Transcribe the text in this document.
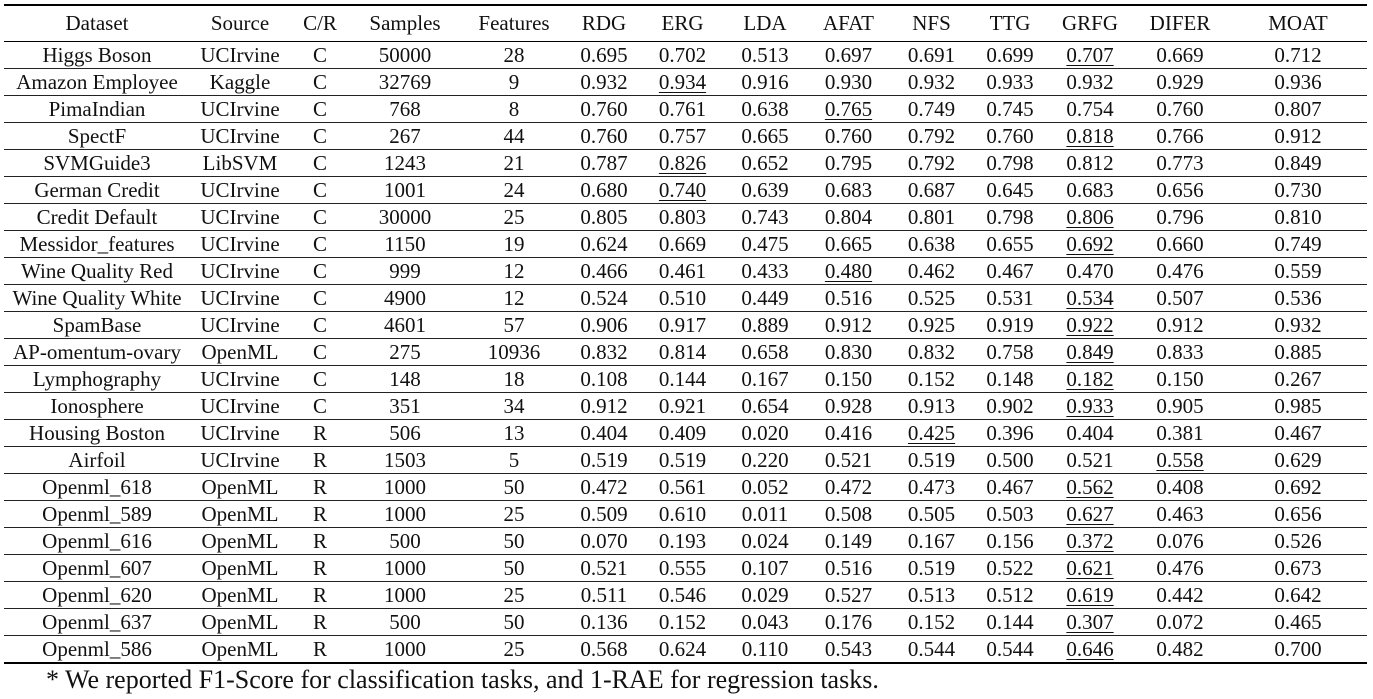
Dataset	Source	C/R	Samples	Features	RDG	ERG	LDA	AFAT	NFS	TTG	GRFG	DIFER	MOAT
Higgs Boson	UCIrvine	C	50000	28	0.695	0.702	0.513	0.697	0.691	0.699	0.707	0.669	0.712
Amazon Employee	Kaggle	C	32769	9	0.932	0.934	0.916	0.930	0.932	0.933	0.932	0.929	0.936
PimaIndian	UCIrvine	C	768	8	0.760	0.761	0.638	0.765	0.749	0.745	0.754	0.760	0.807
SpectF	UCIrvine	C	267	44	0.760	0.757	0.665	0.760	0.792	0.760	0.818	0.766	0.912
SVMGuide3	LibSVM	C	1243	21	0.787	0.826	0.652	0.795	0.792	0.798	0.812	0.773	0.849
German Credit	UCIrvine	C	1001	24	0.680	0.740	0.639	0.683	0.687	0.645	0.683	0.656	0.730
Credit Default	UCIrvine	C	30000	25	0.805	0.803	0.743	0.804	0.801	0.798	0.806	0.796	0.810
Messidor_features	UCIrvine	C	1150	19	0.624	0.669	0.475	0.665	0.638	0.655	0.692	0.660	0.749
Wine Quality Red	UCIrvine	C	999	12	0.466	0.461	0.433	0.480	0.462	0.467	0.470	0.476	0.559
Wine Quality White	UCIrvine	C	4900	12	0.524	0.510	0.449	0.516	0.525	0.531	0.534	0.507	0.536
SpamBase	UCIrvine	C	4601	57	0.906	0.917	0.889	0.912	0.925	0.919	0.922	0.912	0.932
AP-omentum-ovary	OpenML	C	275	10936	0.832	0.814	0.658	0.830	0.832	0.758	0.849	0.833	0.885
Lymphography	UCIrvine	C	148	18	0.108	0.144	0.167	0.150	0.152	0.148	0.182	0.150	0.267
Ionosphere	UCIrvine	C	351	34	0.912	0.921	0.654	0.928	0.913	0.902	0.933	0.905	0.985
Housing Boston	UCIrvine	R	506	13	0.404	0.409	0.020	0.416	0.425	0.396	0.404	0.381	0.467
Airfoil	UCIrvine	R	1503	5	0.519	0.519	0.220	0.521	0.519	0.500	0.521	0.558	0.629
Openml_618	OpenML	R	1000	50	0.472	0.561	0.052	0.472	0.473	0.467	0.562	0.408	0.692
Openml_589	OpenML	R	1000	25	0.509	0.610	0.011	0.508	0.505	0.503	0.627	0.463	0.656
Openml_616	OpenML	R	500	50	0.070	0.193	0.024	0.149	0.167	0.156	0.372	0.076	0.526
Openml_607	OpenML	R	1000	50	0.521	0.555	0.107	0.516	0.519	0.522	0.621	0.476	0.673
Openml_620	OpenML	R	1000	25	0.511	0.546	0.029	0.527	0.513	0.512	0.619	0.442	0.642
Openml_637	OpenML	R	500	50	0.136	0.152	0.043	0.176	0.152	0.144	0.307	0.072	0.465
Openml_586	OpenML	R	1000	25	0.568	0.624	0.110	0.543	0.544	0.544	0.646	0.482	0.700
* We reported F1-Score for classification tasks, and 1-RAE for regression tasks.
